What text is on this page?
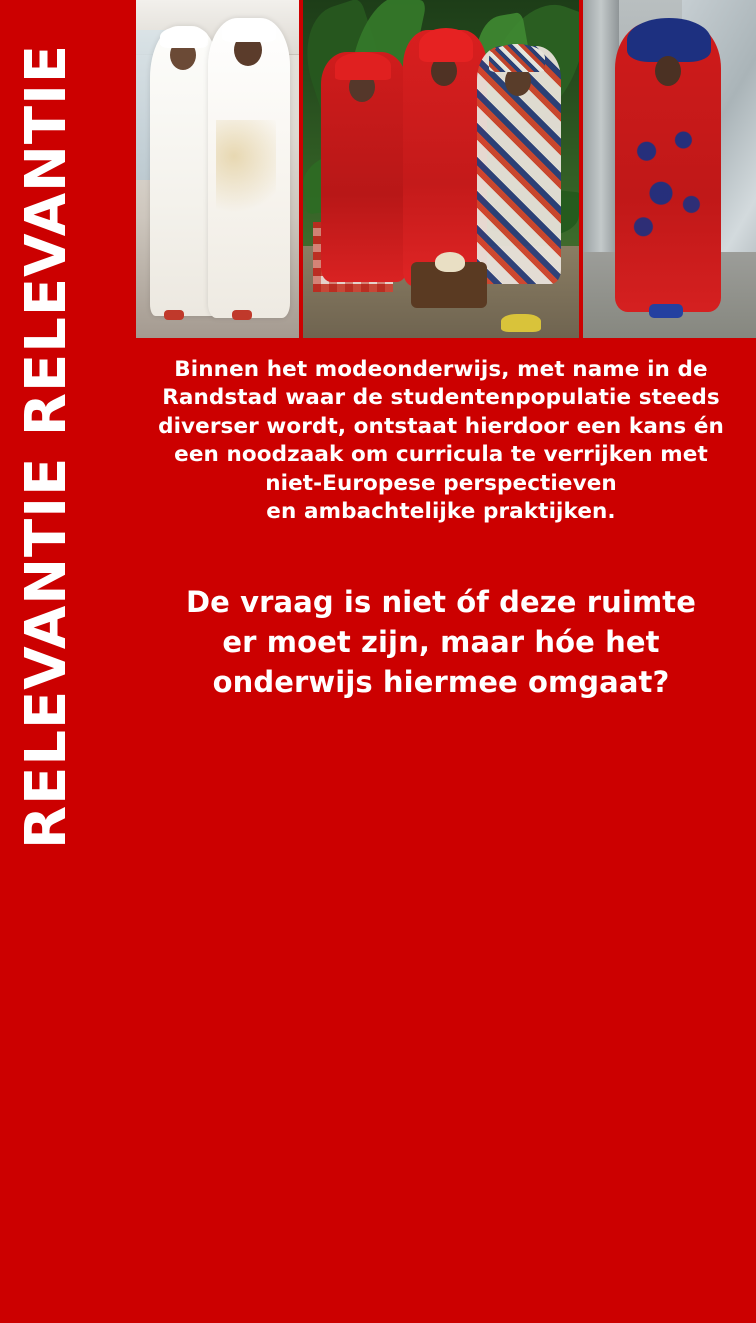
RELEVANTIE RELEVANTIE	Binnen het modeonderwijs, met name in de
Randstad waar de studentenpopulatie steeds
diverser wordt, ontstaat hierdoor een kans én
een noodzaak om curricula te verrijken met
niet-Europese perspectieven
en ambachtelijke praktijken.

De vraag is niet óf deze ruimte
er moet zijn, maar hóe het
onderwijs hiermee omgaat?
